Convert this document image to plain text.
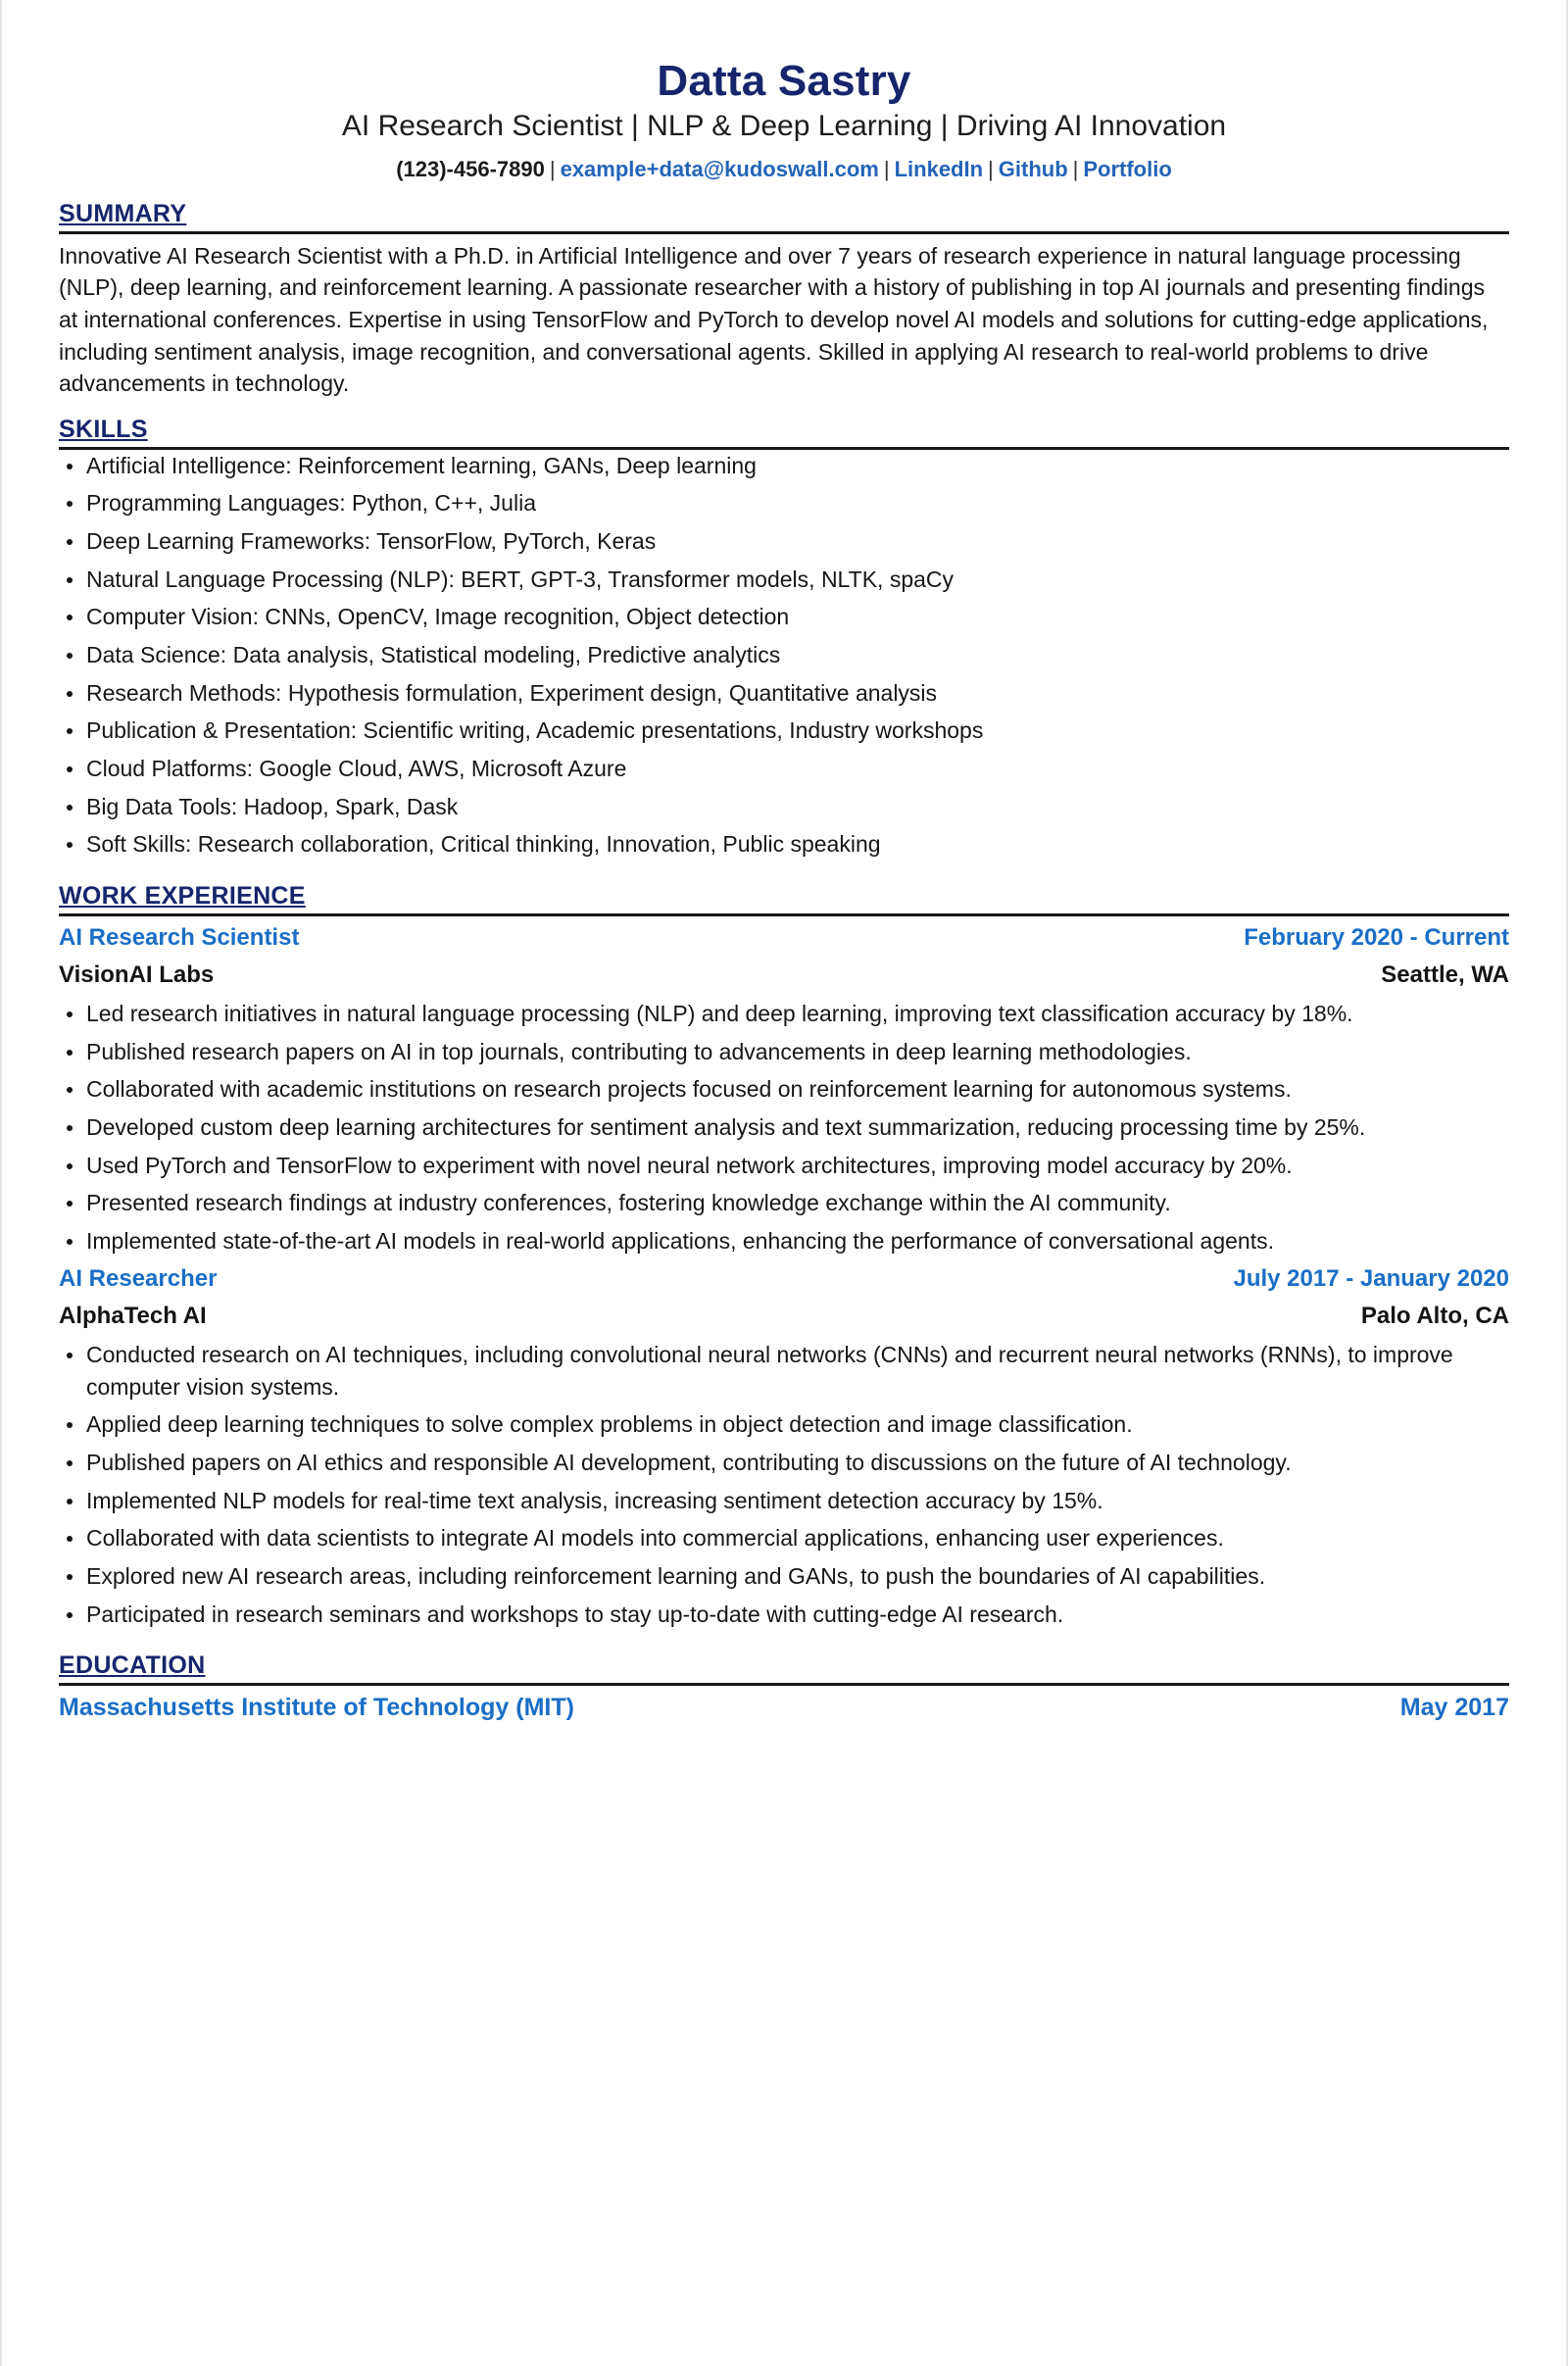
Datta Sastry
AI Research Scientist | NLP & Deep Learning | Driving AI Innovation
(123)-456-7890 | example+data@kudoswall.com | LinkedIn | Github | Portfolio
SUMMARY

Innovative AI Research Scientist with a Ph.D. in Artificial Intelligence and over 7 years of research experience in natural language processing (NLP), deep learning, and reinforcement learning. A passionate researcher with a history of publishing in top AI journals and presenting findings at international conferences. Expertise in using TensorFlow and PyTorch to develop novel AI models and solutions for cutting-edge applications, including sentiment analysis, image recognition, and conversational agents. Skilled in applying AI research to real-world problems to drive advancements in technology.

SKILLS
Artificial Intelligence: Reinforcement learning, GANs, Deep learning
Programming Languages: Python, C++, Julia
Deep Learning Frameworks: TensorFlow, PyTorch, Keras
Natural Language Processing (NLP): BERT, GPT-3, Transformer models, NLTK, spaCy
Computer Vision: CNNs, OpenCV, Image recognition, Object detection
Data Science: Data analysis, Statistical modeling, Predictive analytics
Research Methods: Hypothesis formulation, Experiment design, Quantitative analysis
Publication & Presentation: Scientific writing, Academic presentations, Industry workshops
Cloud Platforms: Google Cloud, AWS, Microsoft Azure
Big Data Tools: Hadoop, Spark, Dask
Soft Skills: Research collaboration, Critical thinking, Innovation, Public speaking
WORK EXPERIENCE
AI Research Scientist	February 2020 - Current
VisionAI Labs	Seattle, WA
Led research initiatives in natural language processing (NLP) and deep learning, improving text classification accuracy by 18%.
Published research papers on AI in top journals, contributing to advancements in deep learning methodologies.
Collaborated with academic institutions on research projects focused on reinforcement learning for autonomous systems.
Developed custom deep learning architectures for sentiment analysis and text summarization, reducing processing time by 25%.
Used PyTorch and TensorFlow to experiment with novel neural network architectures, improving model accuracy by 20%.
Presented research findings at industry conferences, fostering knowledge exchange within the AI community.
Implemented state-of-the-art AI models in real-world applications, enhancing the performance of conversational agents.
AI Researcher	July 2017 - January 2020
AlphaTech AI	Palo Alto, CA
Conducted research on AI techniques, including convolutional neural networks (CNNs) and recurrent neural networks (RNNs), to improve computer vision systems.
Applied deep learning techniques to solve complex problems in object detection and image classification.
Published papers on AI ethics and responsible AI development, contributing to discussions on the future of AI technology.
Implemented NLP models for real-time text analysis, increasing sentiment detection accuracy by 15%.
Collaborated with data scientists to integrate AI models into commercial applications, enhancing user experiences.
Explored new AI research areas, including reinforcement learning and GANs, to push the boundaries of AI capabilities.
Participated in research seminars and workshops to stay up-to-date with cutting-edge AI research.
EDUCATION
Massachusetts Institute of Technology (MIT)	May 2017
